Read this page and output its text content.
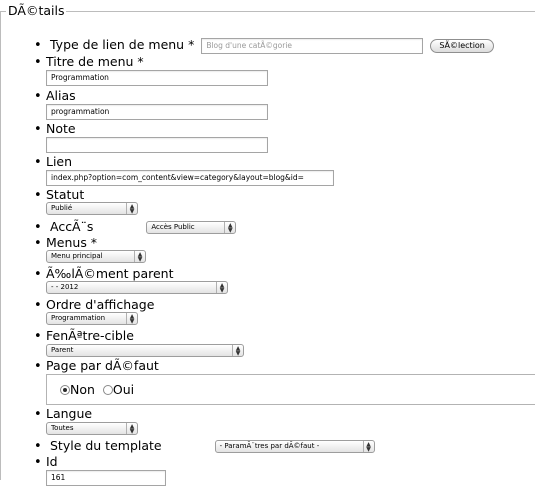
DÃ©tails
• Type de lien de menu * Blog d'une catÃ©gorie	SÃ©lection
• Titre de menu *
Programmation
• Alias
programmation
• Note
• Lien
index.php?option=com_content&view=category&layout=blog&id=
• Statut
Publié	▲
▼
• AccÃ¨s	Accès Public	▲
▼
• Menus *
Menu principal	▲
▼
• Ã‰lÃ©ment parent
- - 2012	▲
▼
• Ordre d'affichage
Programmation	▲
▼
• FenÃªtre-cible
Parent	▲
▼
• Page par dÃ©faut
Non Oui
• Langue
Toutes	▲
▼
• Style du template	- ParamÃ¨tres par dÃ©faut -	▲
▼
• Id
161
